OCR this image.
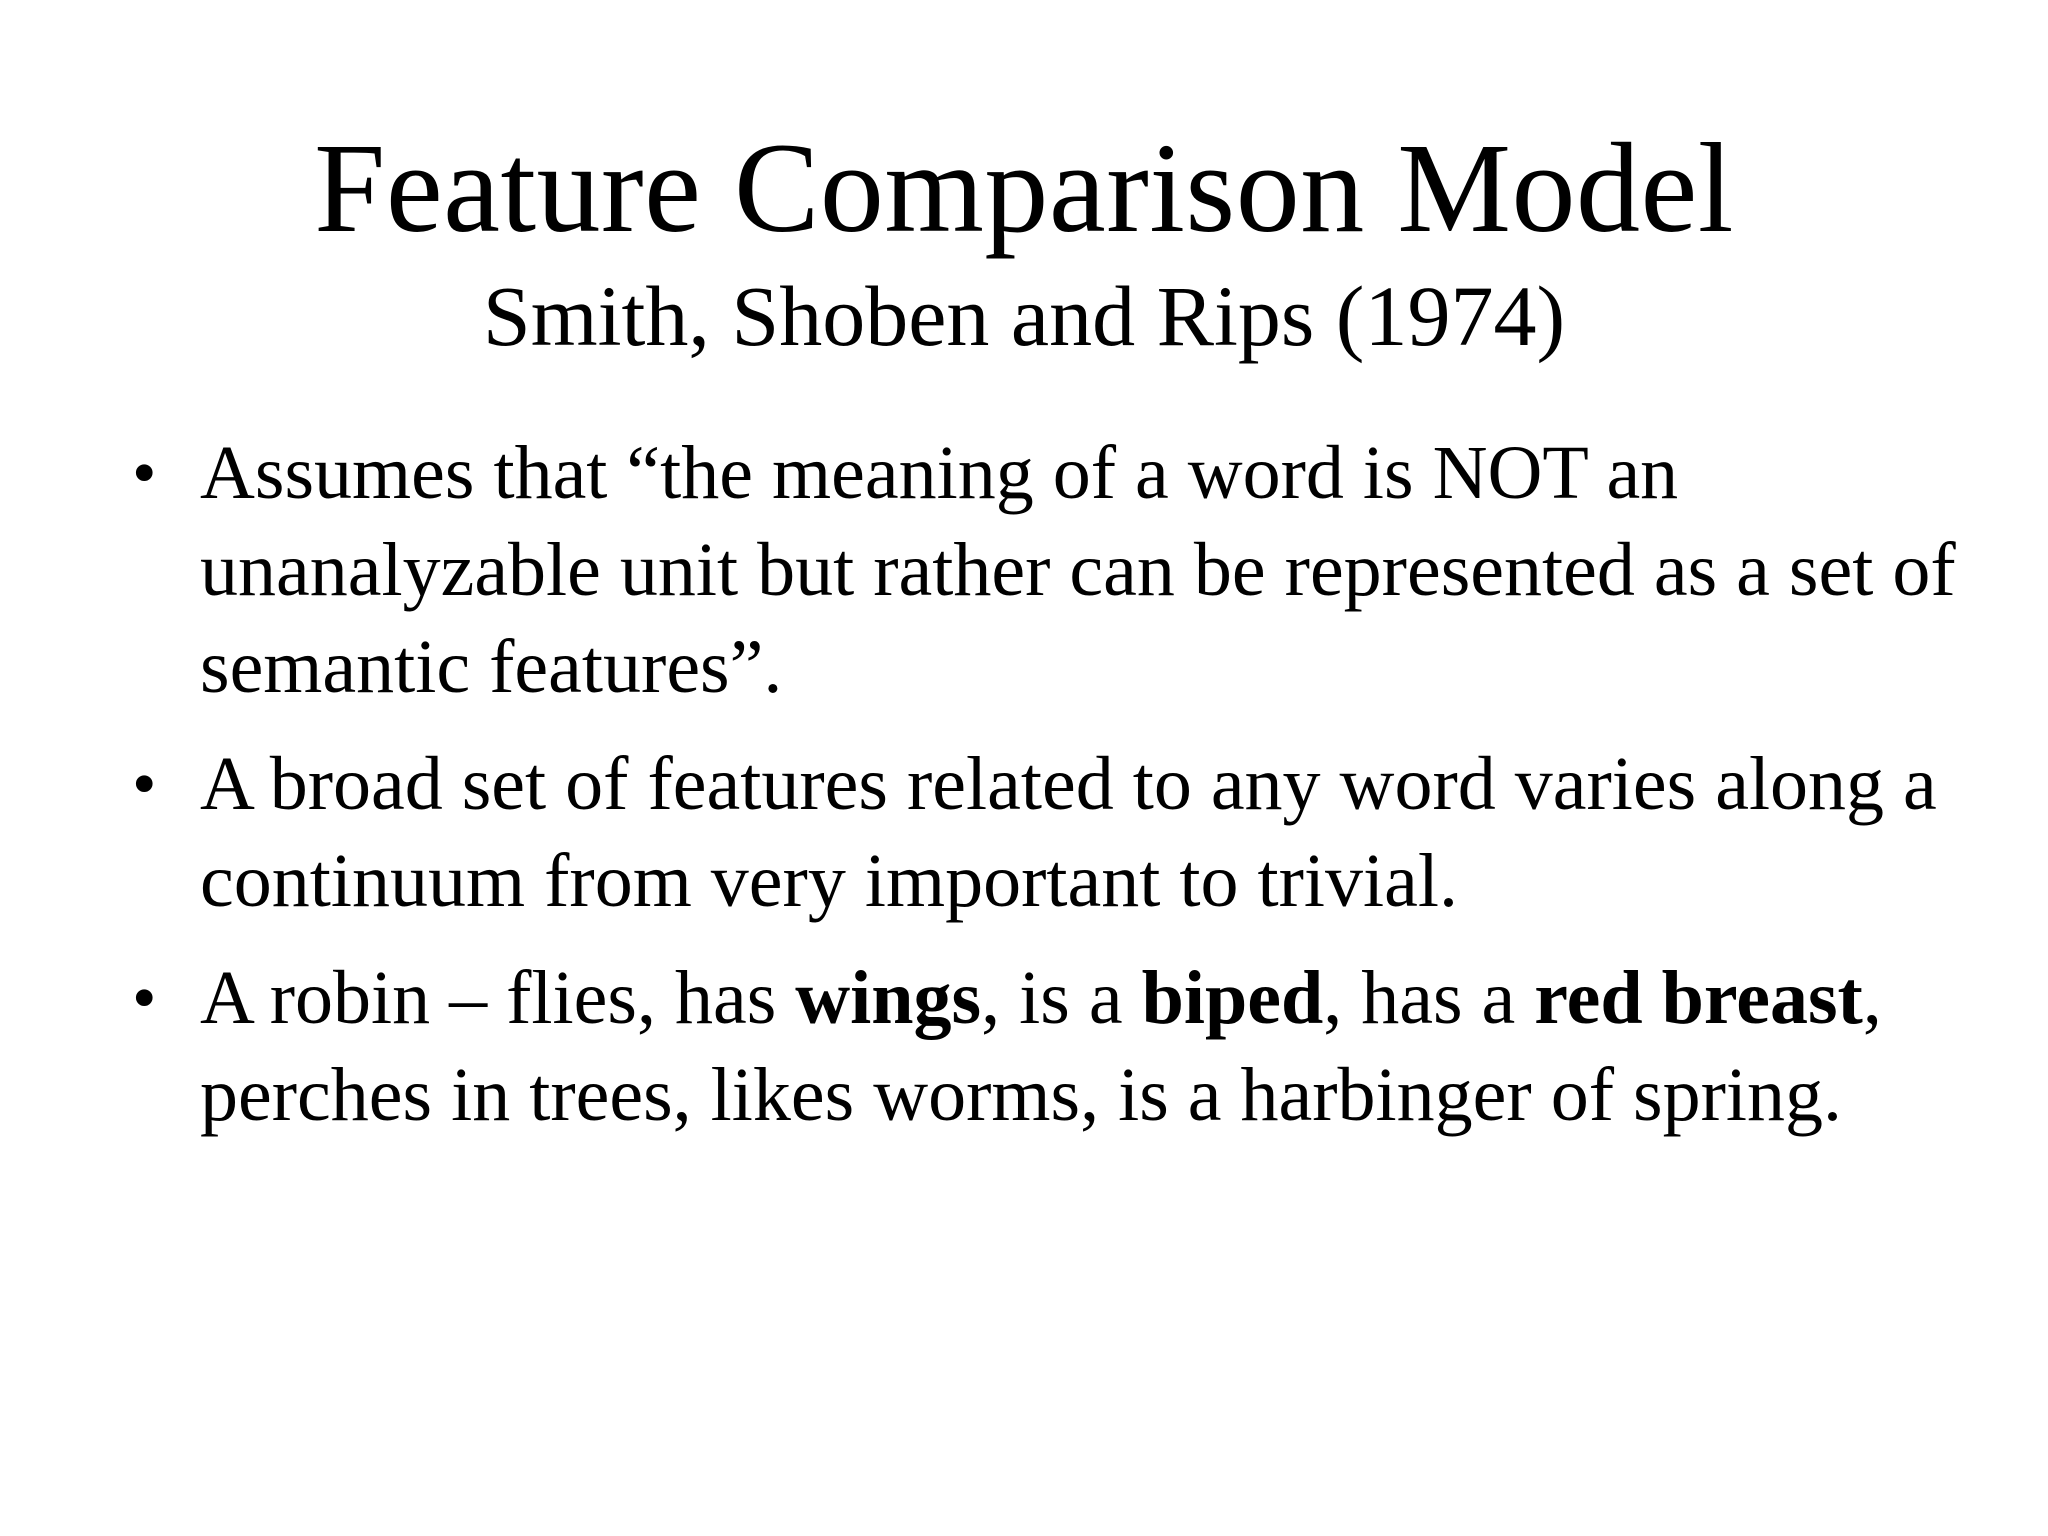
Feature Comparison Model
Smith, Shoben and Rips (1974)
• Assumes that “the meaning of a word is NOT an unanalyzable unit but rather can be represented as a set of semantic features”.
• A broad set of features related to any word varies along a continuum from very important to trivial.
• A robin – flies, has wings, is a biped, has a red breast, perches in trees, likes worms, is a harbinger of spring.
